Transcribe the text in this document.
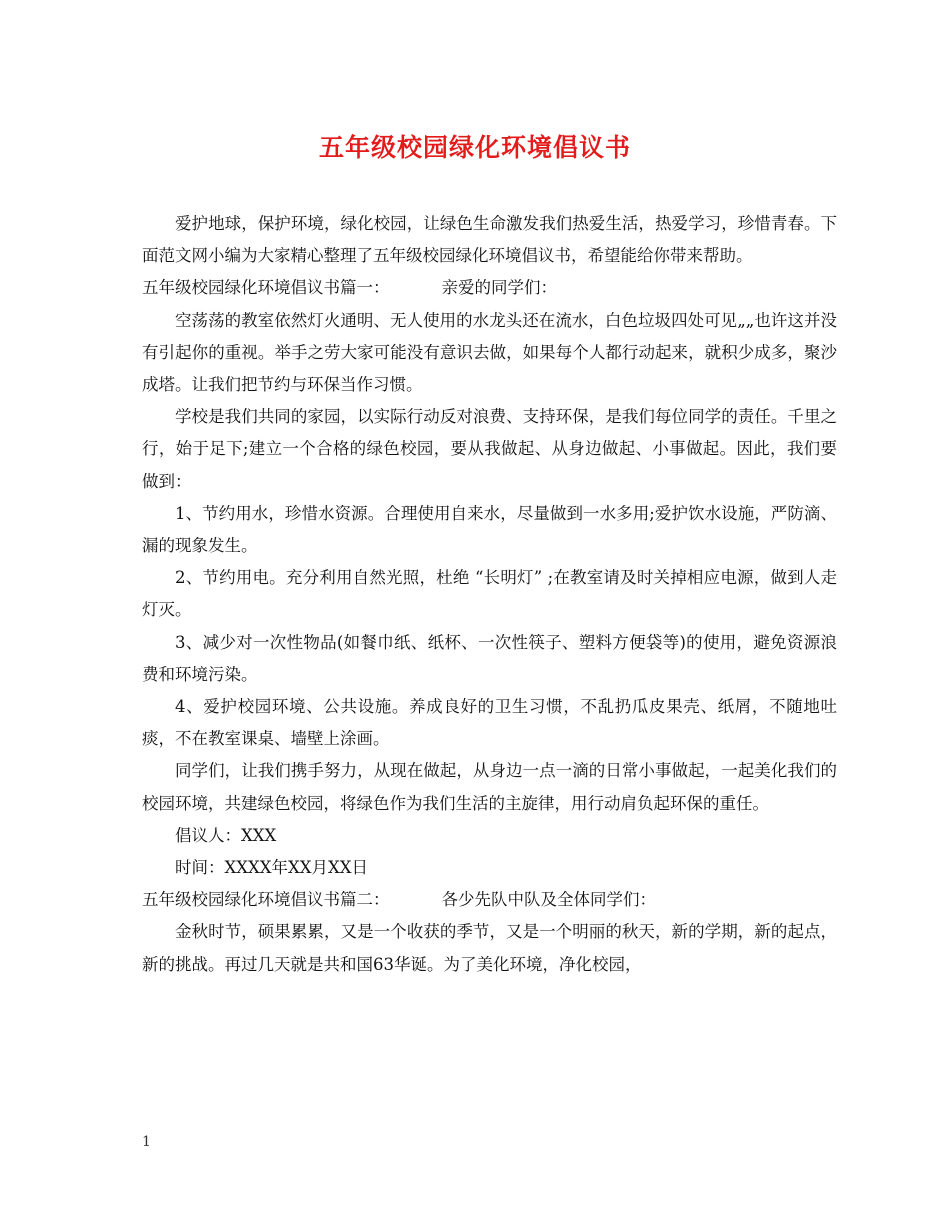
五年级校园绿化环境倡议书

爱护地球，保护环境，绿化校园，让绿色生命激发我们热爱生活，热爱学习，珍惜青春。下面范文网小编为大家精心整理了五年级校园绿化环境倡议书，希望能给你带来帮助。

五年级校园绿化环境倡议书篇一：	亲爱的同学们：

空荡荡的教室依然灯火通明、无人使用的水龙头还在流水，白色垃圾四处可见„„也许这并没有引起你的重视。举手之劳大家可能没有意识去做，如果每个人都行动起来，就积少成多，聚沙成塔。让我们把节约与环保当作习惯。

学校是我们共同的家园，以实际行动反对浪费、支持环保，是我们每位同学的责任。千里之行，始于足下;建立一个合格的绿色校园，要从我做起、从身边做起、小事做起。因此，我们要做到：

1、节约用水，珍惜水资源。合理使用自来水，尽量做到一水多用;爱护饮水设施，严防滴、漏的现象发生。

2、节约用电。充分利用自然光照，杜绝 “长明灯” ;在教室请及时关掉相应电源，做到人走灯灭。

3、减少对一次性物品(如餐巾纸、纸杯、一次性筷子、塑料方便袋等)的使用，避免资源浪费和环境污染。

4、爱护校园环境、公共设施。养成良好的卫生习惯，不乱扔瓜皮果壳、纸屑，不随地吐痰，不在教室课桌、墙壁上涂画。

同学们，让我们携手努力，从现在做起，从身边一点一滴的日常小事做起，一起美化我们的校园环境，共建绿色校园，将绿色作为我们生活的主旋律，用行动肩负起环保的重任。

倡议人：XXX

时间：XXXX年XX月XX日

五年级校园绿化环境倡议书篇二：	各少先队中队及全体同学们：

金秋时节，硕果累累，又是一个收获的季节，又是一个明丽的秋天，新的学期，新的起点，新的挑战。再过几天就是共和国63华诞。为了美化环境，净化校园，

1
